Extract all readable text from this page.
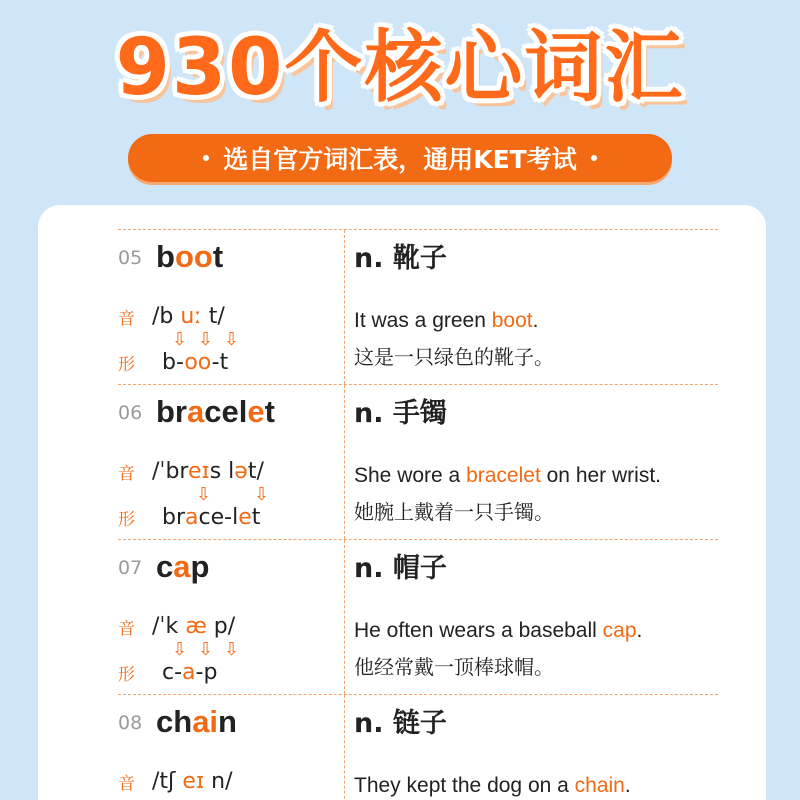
930个核心词汇
选自官方词汇表，通用KET考试
05 boot
音 /b uː t/
⇩ ⇩ ⇩
形 b-oo-t
n. 靴子
It was a green boot.
这是一只绿色的靴子。
06 bracelet
音 /ˈbreɪs lət/
⇩ ⇩
形 brace-let
n. 手镯
She wore a bracelet on her wrist.
她腕上戴着一只手镯。
07 cap
音 /ˈk æ p/
⇩ ⇩ ⇩
形 c-a-p
n. 帽子
He often wears a baseball cap.
他经常戴一顶棒球帽。
08 chain
音 /tʃ eɪ n/
n. 链子
They kept the dog on a chain.
